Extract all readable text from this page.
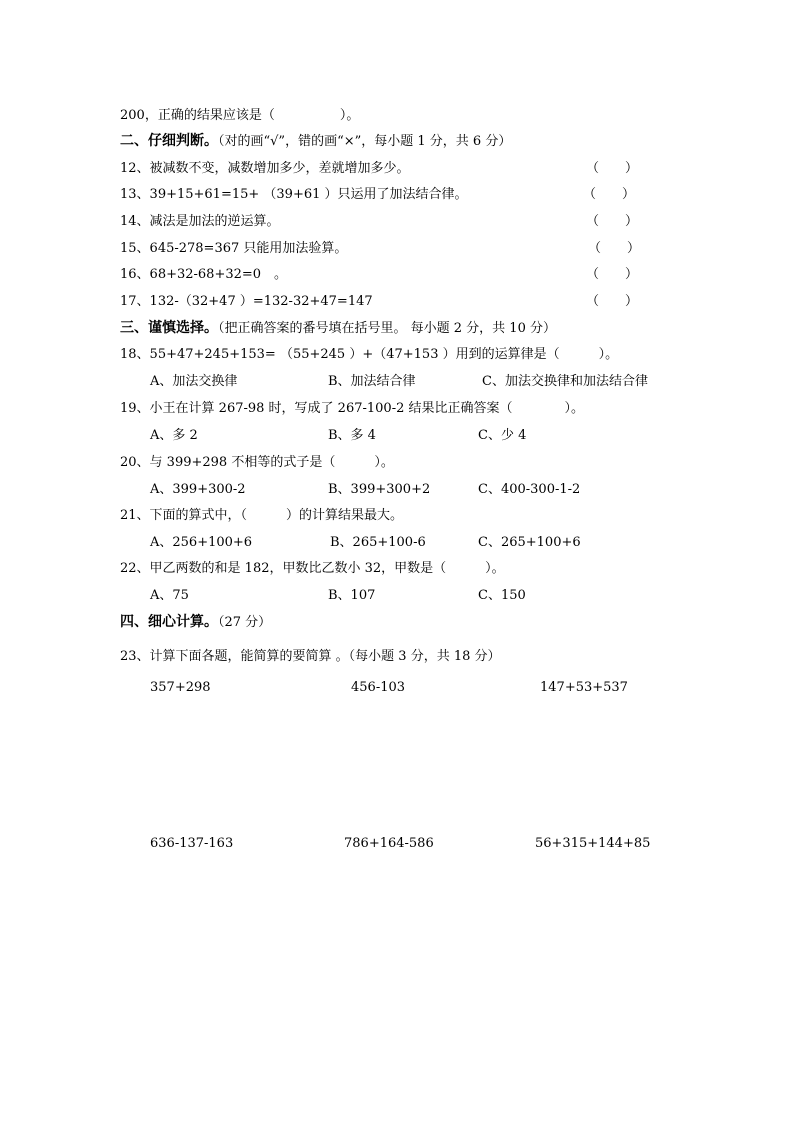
200，正确的结果应该是（　　　　　）。
二、仔细判断。（对的画“√”，错的画“×”，每小题 1 分，共 6 分）
12、被减数不变，减数增加多少，差就增加多少。	（　　）
13、39+15+61=15+ （39+61 ）只运用了加法结合律。	（　　）
14、减法是加法的逆运算。	（　　）
15、645-278=367 只能用加法验算。	（　　）
16、68+32-68+32=0　。	（　　）
17、132-（32+47 ）=132-32+47=147	（　　）
三、谨慎选择。（把正确答案的番号填在括号里。 每小题 2 分，共 10 分）
18、55+47+245+153= （55+245 ）+（47+153 ）用到的运算律是（　　　）。
A、加法交换律	B、加法结合律	C、加法交换律和加法结合律
19、小王在计算 267-98 时，写成了 267-100-2 结果比正确答案（　　　　）。
A、多 2	B、多 4	C、少 4
20、与 399+298 不相等的式子是（　　　）。
A、399+300-2	B、399+300+2	C、400-300-1-2
21、下面的算式中，（　　　）的计算结果最大。
A、256+100+6	B、265+100-6	C、265+100+6
22、甲乙两数的和是 182，甲数比乙数小 32，甲数是（　　　）。
A、75	B、107	C、150
四、细心计算。（27 分）
23、计算下面各题，能简算的要简算 。（每小题 3 分，共 18 分）
357+298	456-103	147+53+537
636-137-163	786+164-586	56+315+144+85
